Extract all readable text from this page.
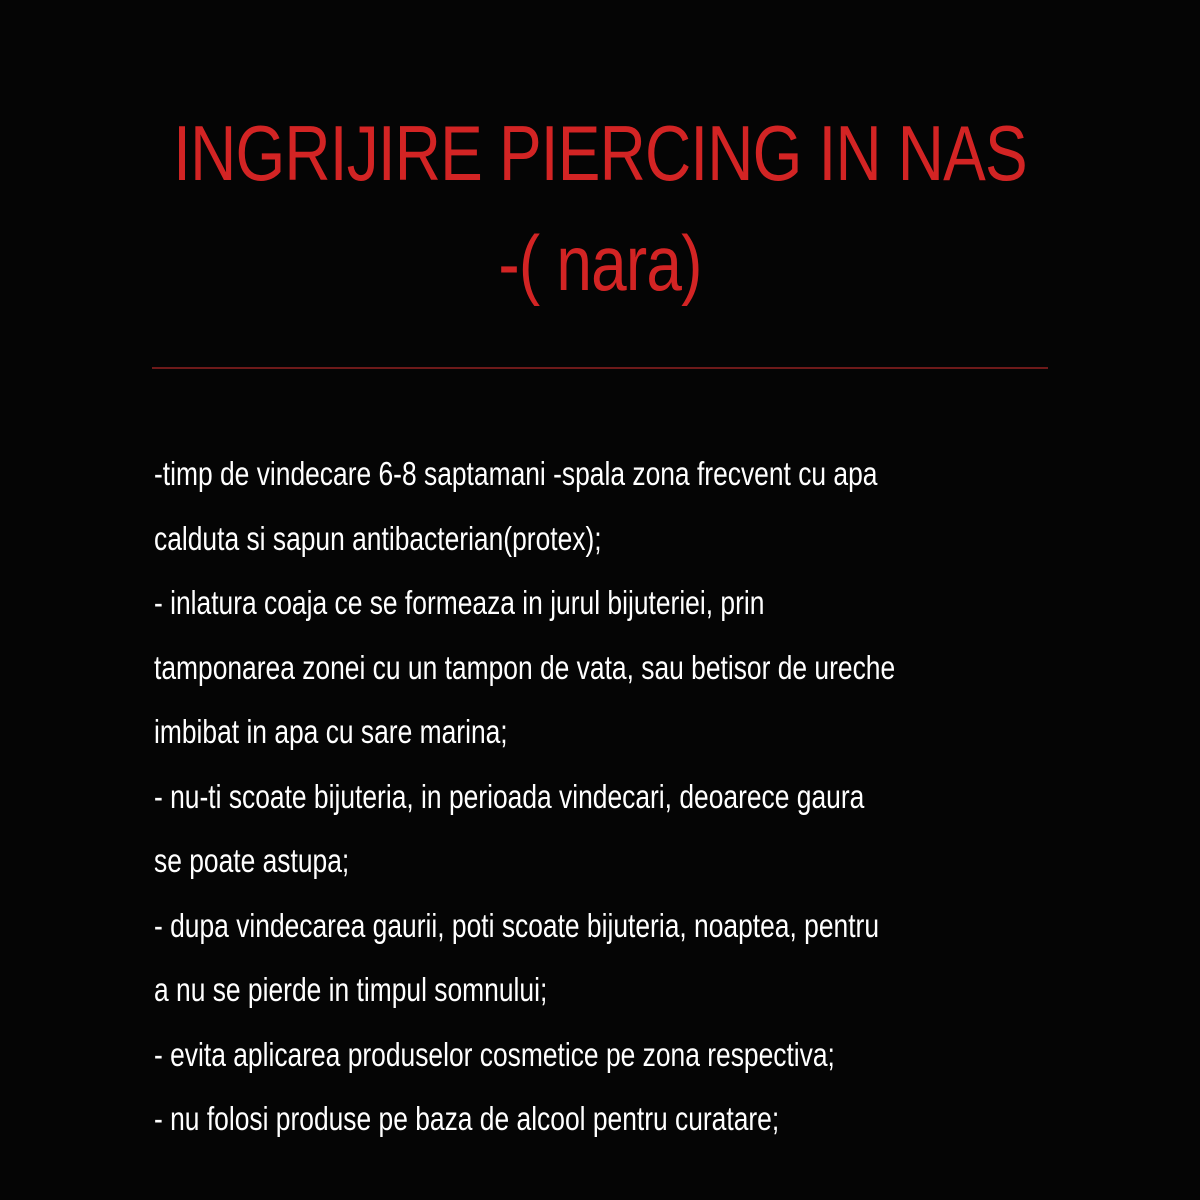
INGRIJIRE PIERCING IN NAS
-( nara)
-timp de vindecare 6-8 saptamani -spala zona frecvent cu apa
calduta si sapun antibacterian(protex);
- inlatura coaja ce se formeaza in jurul bijuteriei, prin
tamponarea zonei cu un tampon de vata, sau betisor de ureche
imbibat in apa cu sare marina;
- nu-ti scoate bijuteria, in perioada vindecari, deoarece gaura
se poate astupa;
- dupa vindecarea gaurii, poti scoate bijuteria, noaptea, pentru
a nu se pierde in timpul somnului;
- evita aplicarea produselor cosmetice pe zona respectiva;
- nu folosi produse pe baza de alcool pentru curatare;
